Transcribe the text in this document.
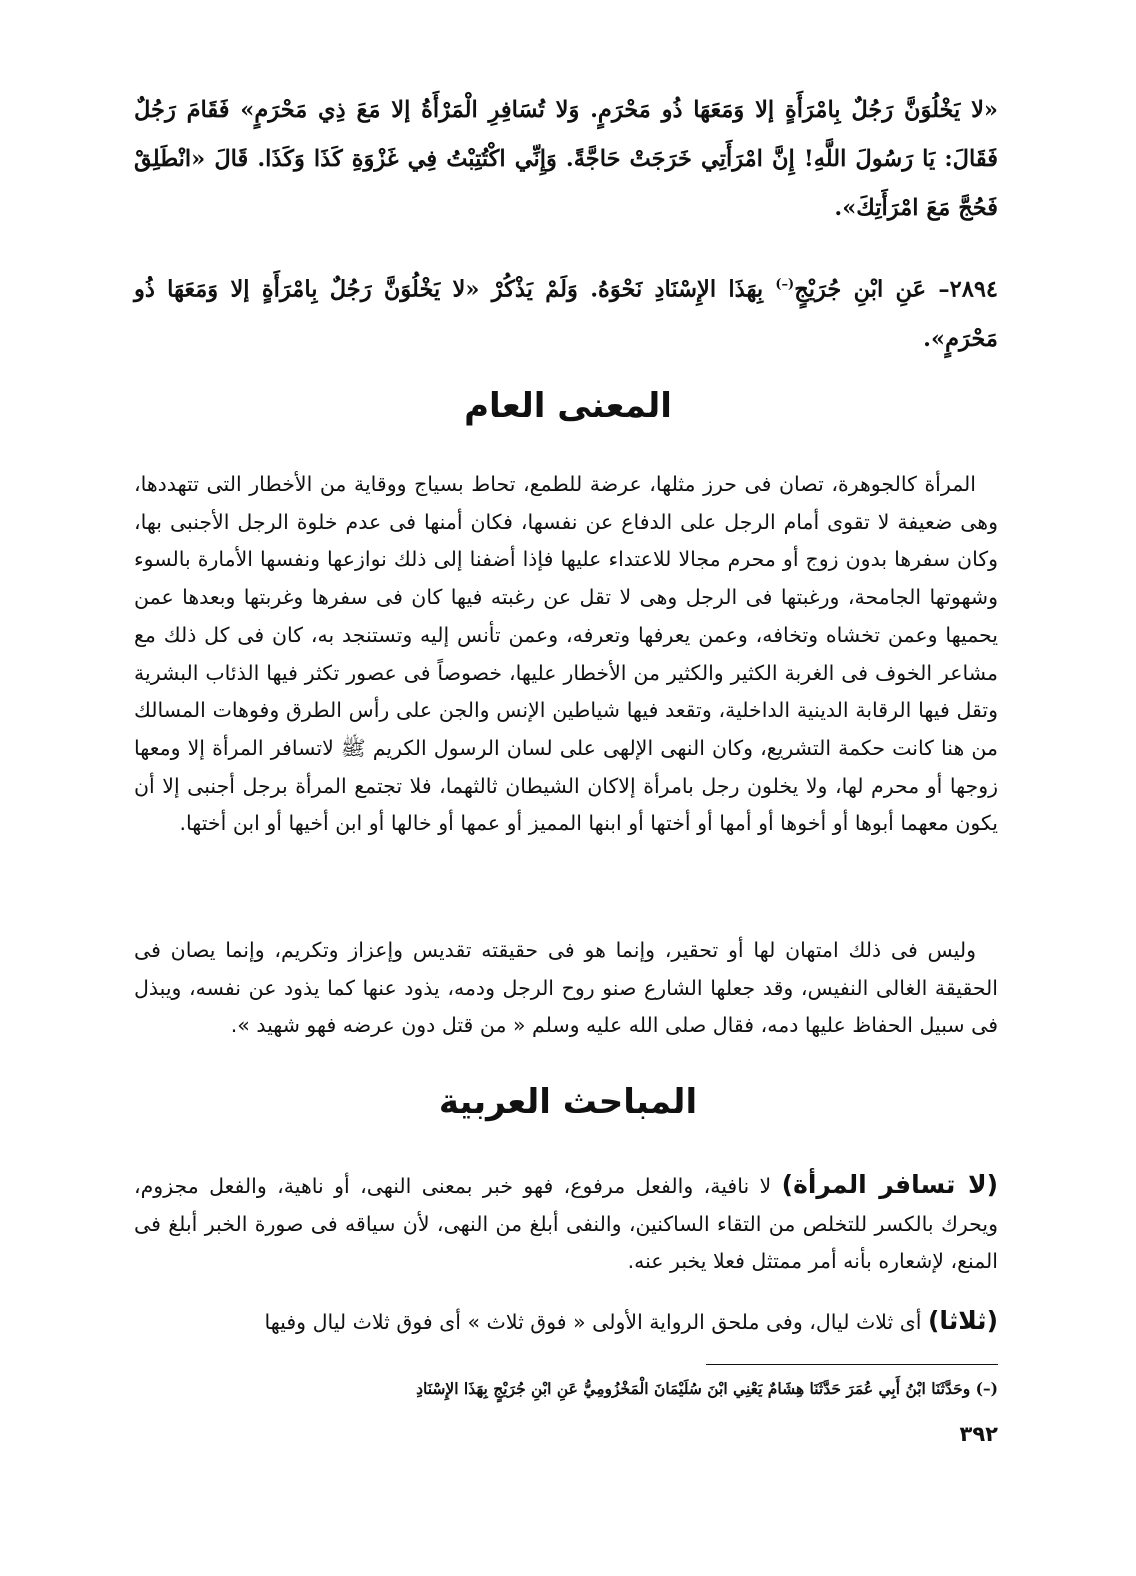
«لا يَخْلُوَنَّ رَجُلٌ بِامْرَأَةٍ إلا وَمَعَهَا ذُو مَحْرَمٍ. وَلا تُسَافِرِ الْمَرْأَةُ إلا مَعَ ذِي مَحْرَمٍ» فَقَامَ رَجُلٌ فَقَالَ: يَا رَسُولَ اللَّهِ! إِنَّ امْرَأَتِي خَرَجَتْ حَاجَّةً. وَإِنِّي اكْتُتِبْتُ فِي غَزْوَةِ كَذَا وَكَذَا. قَالَ «انْطَلِقْ فَحُجَّ مَعَ امْرَأَتِكَ».
٢٨٩٤– عَنِ ابْنِ جُرَيْجٍ(–) بِهَذَا الإِسْنَادِ نَحْوَهُ. وَلَمْ يَذْكُرْ «لا يَخْلُوَنَّ رَجُلٌ بِامْرَأَةٍ إلا وَمَعَهَا ذُو مَحْرَمٍ».
المعنى العام
المرأة كالجوهرة، تصان فى حرز مثلها، عرضة للطمع، تحاط بسياج ووقاية من الأخطار التى تتهددها، وهى ضعيفة لا تقوى أمام الرجل على الدفاع عن نفسها، فكان أمنها فى عدم خلوة الرجل الأجنبى بها، وكان سفرها بدون زوج أو محرم مجالا للاعتداء عليها فإذا أضفنا إلى ذلك نوازعها ونفسها الأمارة بالسوء وشهوتها الجامحة، ورغبتها فى الرجل وهى لا تقل عن رغبته فيها كان فى سفرها وغربتها وبعدها عمن يحميها وعمن تخشاه وتخافه، وعمن يعرفها وتعرفه، وعمن تأنس إليه وتستنجد به، كان فى كل ذلك مع مشاعر الخوف فى الغربة الكثير والكثير من الأخطار عليها، خصوصاً فى عصور تكثر فيها الذئاب البشرية وتقل فيها الرقابة الدينية الداخلية، وتقعد فيها شياطين الإنس والجن على رأس الطرق وفوهات المسالك من هنا كانت حكمة التشريع، وكان النهى الإلهى على لسان الرسول الكريم ﷺ لاتسافر المرأة إلا ومعها زوجها أو محرم لها، ولا يخلون رجل بامرأة إلاكان الشيطان ثالثهما، فلا تجتمع المرأة برجل أجنبى إلا أن يكون معهما أبوها أو أخوها أو أمها أو أختها أو ابنها المميز أو عمها أو خالها أو ابن أخيها أو ابن أختها.
وليس فى ذلك امتهان لها أو تحقير، وإنما هو فى حقيقته تقديس وإعزاز وتكريم، وإنما يصان فى الحقيقة الغالى النفيس، وقد جعلها الشارع صنو روح الرجل ودمه، يذود عنها كما يذود عن نفسه، ويبذل فى سبيل الحفاظ عليها دمه، فقال صلى الله عليه وسلم « من قتل دون عرضه فهو شهيد ».
المباحث العربية
(لا تسافر المرأة) لا نافية، والفعل مرفوع، فهو خبر بمعنى النهى، أو ناهية، والفعل مجزوم، ويحرك بالكسر للتخلص من التقاء الساكنين، والنفى أبلغ من النهى، لأن سياقه فى صورة الخبر أبلغ فى المنع، لإشعاره بأنه أمر ممتثل فعلا يخبر عنه.
(ثلاثا) أى ثلاث ليال، وفى ملحق الرواية الأولى « فوق ثلاث » أى فوق ثلاث ليال وفيها
(–) وحَدَّثَنَا ابْنُ أَبِي عُمَرَ حَدَّثَنَا هِشَامٌ يَعْنِي ابْنَ سُلَيْمَانَ الْمَخْزُومِيُّ عَنِ ابْنِ جُرَيْجٍ بِهَذَا الإِسْنَادِ
٣٩٢
